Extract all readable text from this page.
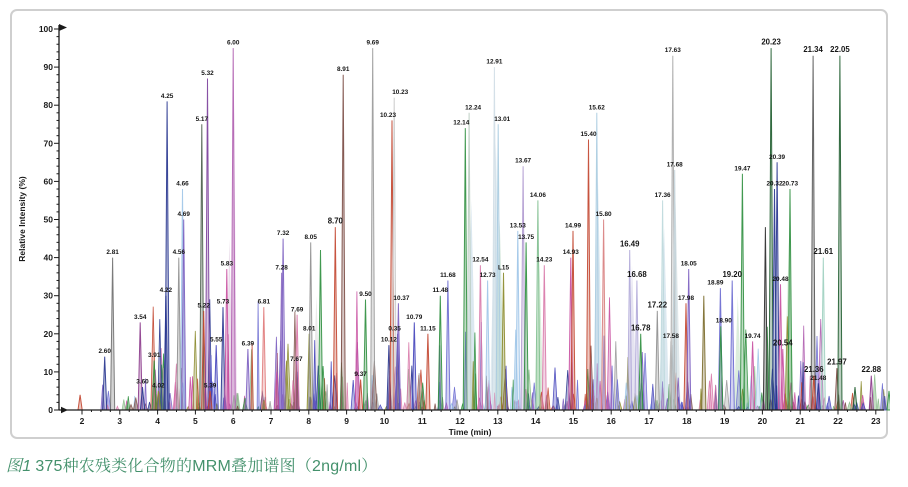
0
10
20
30
40
50
60
70
80
90
100
2	3	4	5	6	7	8	9	10	11	12	13	14	15	16	17	18	19	20	21	22	23
Time (min)
Relative Intensity (%)
2.60
2.81
3.54
3.60
3.91
4.02
4.22
4.25
4.56
4.66
4.69
5.17
5.22
5.32
5.39
5.55
5.73
5.83
6.00
6.39
6.81
7.28
7.32
7.67
7.69
8.01
8.05
8.70
8.91
9.37
9.50
9.69
10.12
10.23
10.23
0.35
10.37
10.79
11.15
11.48
11.68
12.14
12.24
12.54
12.73
12.91
13.01
L15
13.53
13.67
13.75
14.06
14.23
14.93
14.99
15.40
15.62
15.80
16.49
16.68
16.78
17.22
17.36
17.58
17.63
17.68
17.98
18.05
18.89
18.90
19.20
19.47
19.74
20.23
20.32
20.39
20.48
20.54
20.73
21.34
21.36
21.48
21.61
21.97
22.05
22.88
图1 375种农残类化合物的MRM叠加谱图（2ng/ml）
